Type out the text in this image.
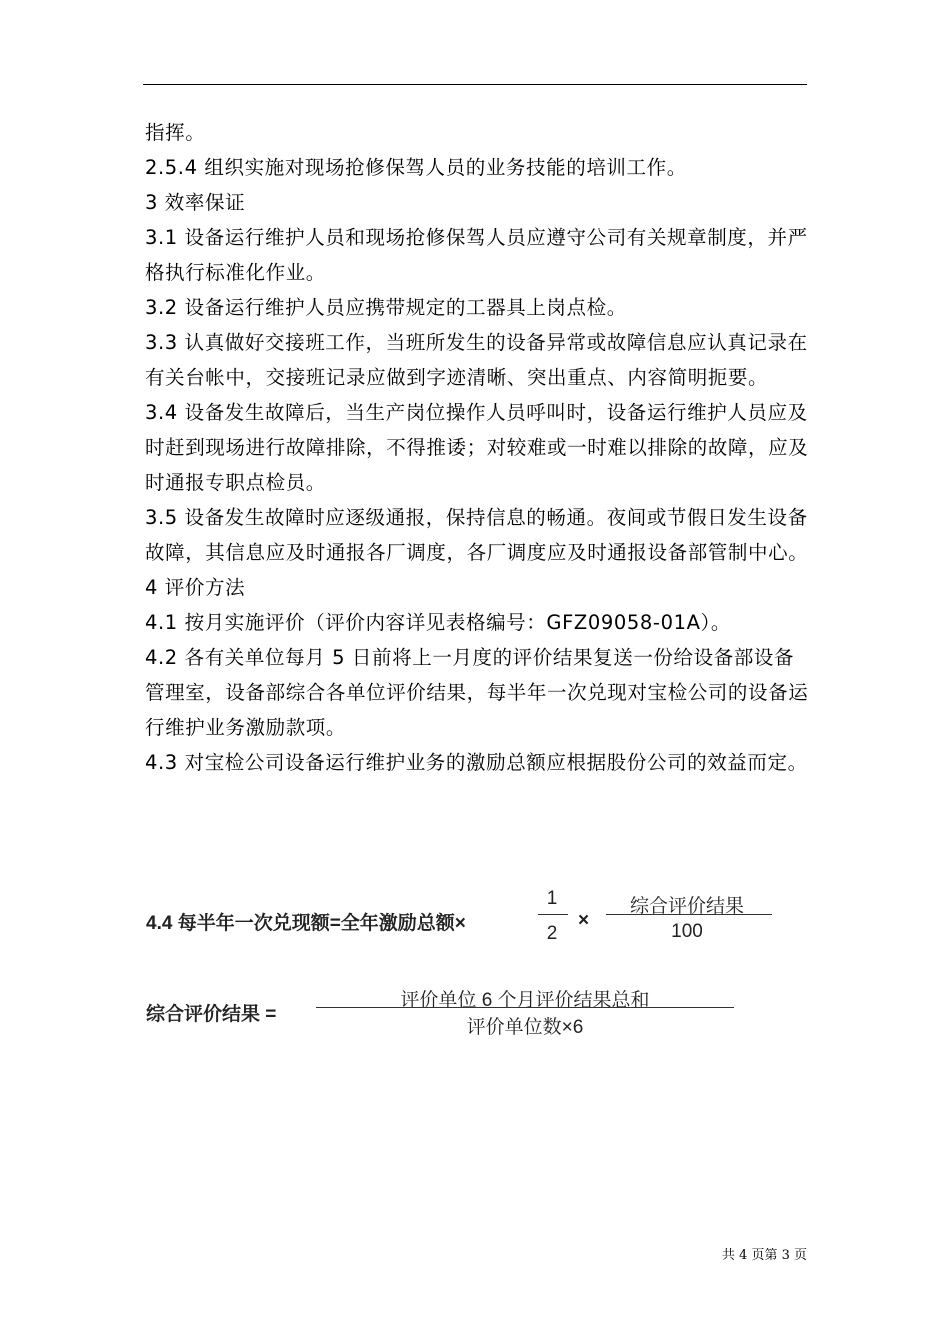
指挥。

2.5.4 组织实施对现场抢修保驾人员的业务技能的培训工作。

3 效率保证

3.1 设备运行维护人员和现场抢修保驾人员应遵守公司有关规章制度，并严格执行标准化作业。

3.2 设备运行维护人员应携带规定的工器具上岗点检。

3.3 认真做好交接班工作，当班所发生的设备异常或故障信息应认真记录在有关台帐中，交接班记录应做到字迹清晰、突出重点、内容简明扼要。

3.4 设备发生故障后，当生产岗位操作人员呼叫时，设备运行维护人员应及时赶到现场进行故障排除，不得推诿；对较难或一时难以排除的故障，应及时通报专职点检员。

3.5 设备发生故障时应逐级通报，保持信息的畅通。夜间或节假日发生设备故障，其信息应及时通报各厂调度，各厂调度应及时通报设备部管制中心。

4 评价方法

4.1 按月实施评价（评价内容详见表格编号：GFZ09058-01A）。

4.2 各有关单位每月 5 日前将上一月度的评价结果复送一份给设备部设备管理室，设备部综合各单位评价结果，每半年一次兑现对宝检公司的设备运行维护业务激励款项。

4.3 对宝检公司设备运行维护业务的激励总额应根据股份公司的效益而定。

4.4 每半年一次兑现额=全年激励总额×
1
2
×
综合评价结果
100
综合评价结果 =
评价单位 6 个月评价结果总和
评价单位数×6
共 4 页第 3 页
